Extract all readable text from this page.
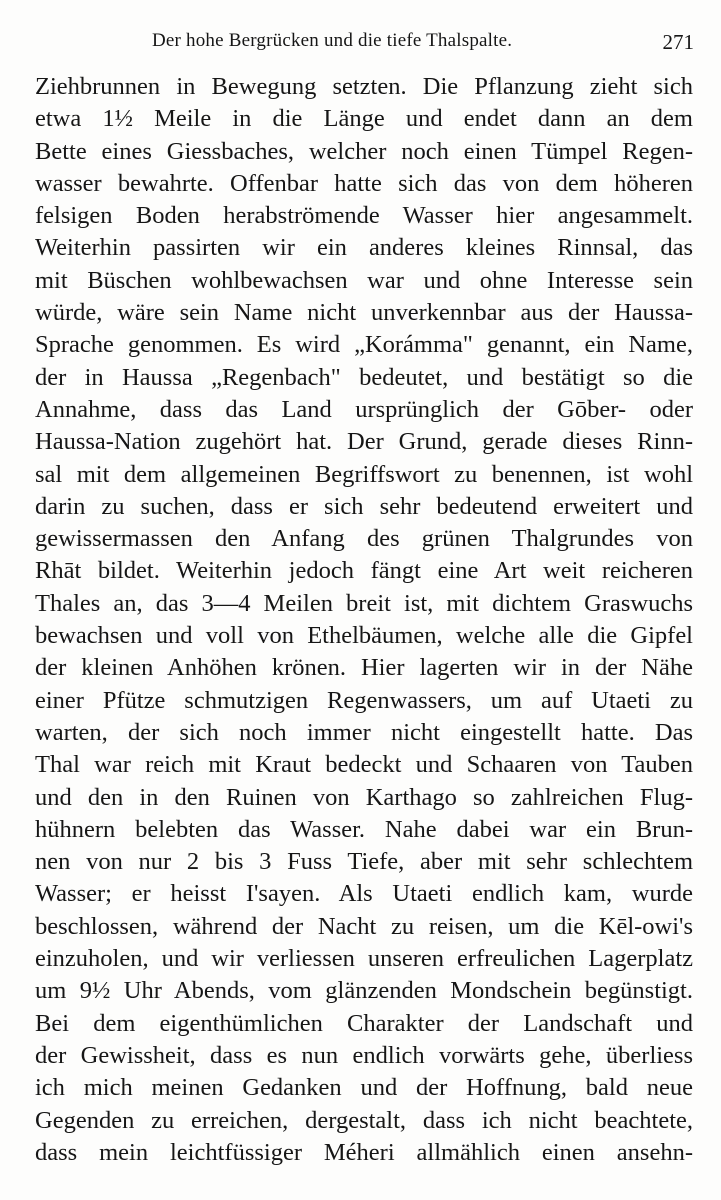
Der hohe Bergrücken und die tiefe Thalspalte.	271
Ziehbrunnen in Bewegung setzten. Die Pflanzung zieht sich
etwa 1½ Meile in die Länge und endet dann an dem
Bette eines Giessbaches, welcher noch einen Tümpel Regen-
wasser bewahrte. Offenbar hatte sich das von dem höheren
felsigen Boden herabströmende Wasser hier angesammelt.
Weiterhin passirten wir ein anderes kleines Rinnsal, das
mit Büschen wohlbewachsen war und ohne Interesse sein
würde, wäre sein Name nicht unverkennbar aus der Haussa-
Sprache genommen. Es wird „Korámma" genannt, ein Name,
der in Haussa „Regenbach" bedeutet, und bestätigt so die
Annahme, dass das Land ursprünglich der Gōber- oder
Haussa-Nation zugehört hat. Der Grund, gerade dieses Rinn-
sal mit dem allgemeinen Begriffswort zu benennen, ist wohl
darin zu suchen, dass er sich sehr bedeutend erweitert und
gewissermassen den Anfang des grünen Thalgrundes von
Rhāt bildet. Weiterhin jedoch fängt eine Art weit reicheren
Thales an, das 3—4 Meilen breit ist, mit dichtem Graswuchs
bewachsen und voll von Ethelbäumen, welche alle die Gipfel
der kleinen Anhöhen krönen. Hier lagerten wir in der Nähe
einer Pfütze schmutzigen Regenwassers, um auf Utaeti zu
warten, der sich noch immer nicht eingestellt hatte. Das
Thal war reich mit Kraut bedeckt und Schaaren von Tauben
und den in den Ruinen von Karthago so zahlreichen Flug-
hühnern belebten das Wasser. Nahe dabei war ein Brun-
nen von nur 2 bis 3 Fuss Tiefe, aber mit sehr schlechtem
Wasser; er heisst I'sayen. Als Utaeti endlich kam, wurde
beschlossen, während der Nacht zu reisen, um die Kēl-owi's
einzuholen, und wir verliessen unseren erfreulichen Lagerplatz
um 9½ Uhr Abends, vom glänzenden Mondschein begünstigt.
Bei dem eigenthümlichen Charakter der Landschaft und
der Gewissheit, dass es nun endlich vorwärts gehe, überliess
ich mich meinen Gedanken und der Hoffnung, bald neue
Gegenden zu erreichen, dergestalt, dass ich nicht beachtete,
dass mein leichtfüssiger Méheri allmählich einen ansehn-
